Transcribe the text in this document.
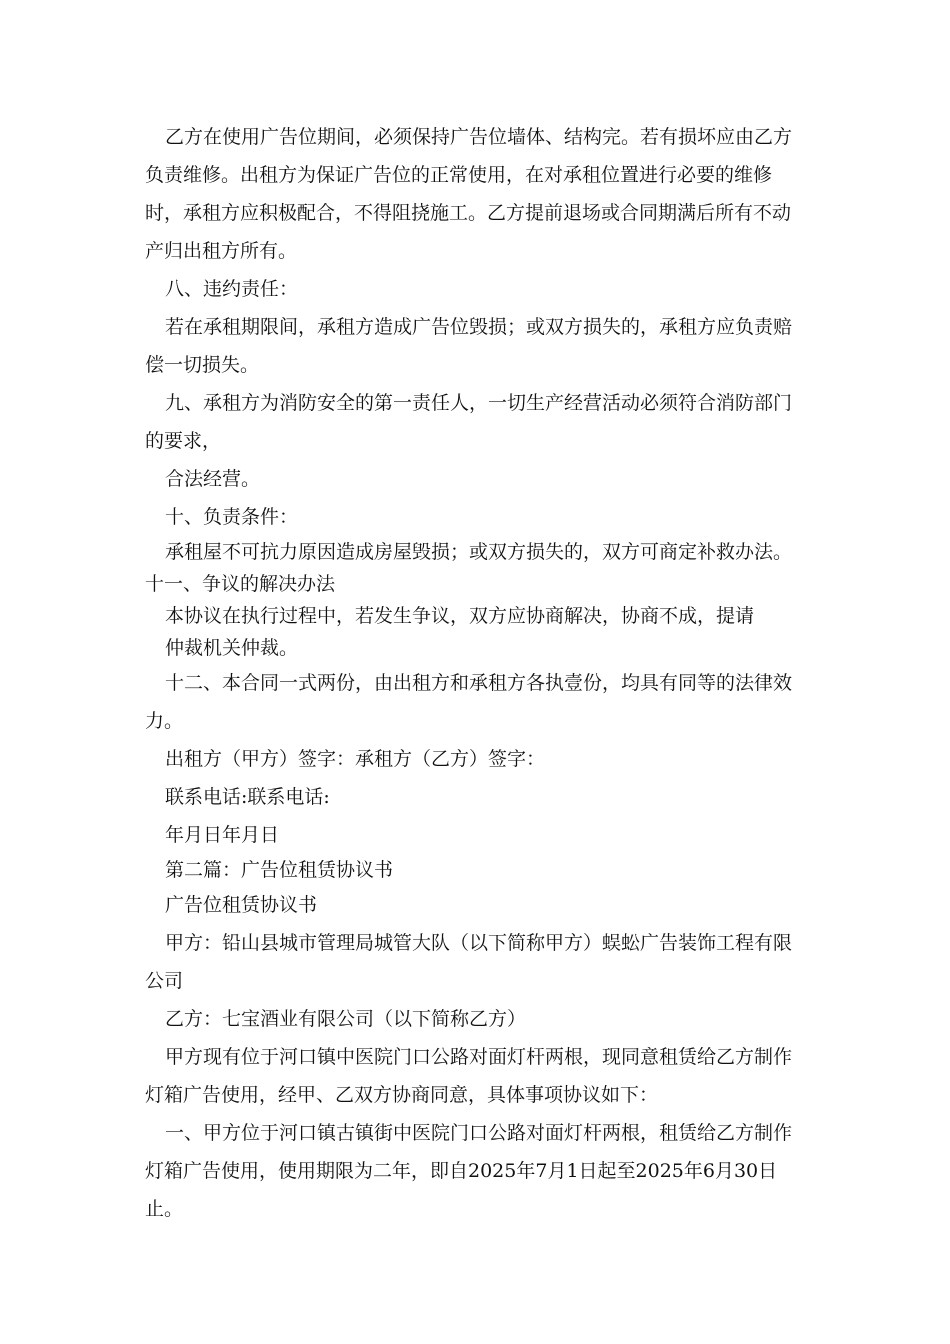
乙方在使用广告位期间，必须保持广告位墙体、结构完。若有损坏应由乙方负责维修。出租方为保证广告位的正常使用，在对承租位置进行必要的维修时，承租方应积极配合，不得阻挠施工。乙方提前退场或合同期满后所有不动产归出租方所有。

八、违约责任：

若在承租期限间，承租方造成广告位毁损；或双方损失的，承租方应负责赔偿一切损失。

九、承租方为消防安全的第一责任人，一切生产经营活动必须符合消防部门的要求，

合法经营。

十、负责条件：

承租屋不可抗力原因造成房屋毁损；或双方损失的，双方可商定补救办法。

十一、争议的解决办法

本协议在执行过程中，若发生争议，双方应协商解决，协商不成，提请

仲裁机关仲裁。

十二、本合同一式两份，由出租方和承租方各执壹份，均具有同等的法律效力。

出租方（甲方）签字：承租方（乙方）签字：

联系电话:联系电话:

年月日年月日

第二篇：广告位租赁协议书

广告位租赁协议书

甲方：铅山县城市管理局城管大队（以下简称甲方）蜈蚣广告装饰工程有限公司

乙方：七宝酒业有限公司（以下简称乙方）

甲方现有位于河口镇中医院门口公路对面灯杆两根，现同意租赁给乙方制作灯箱广告使用，经甲、乙双方协商同意，具体事项协议如下：

一、甲方位于河口镇古镇街中医院门口公路对面灯杆两根，租赁给乙方制作灯箱广告使用，使用期限为二年，即自2025年7月1日起至2025年6月30日止。
